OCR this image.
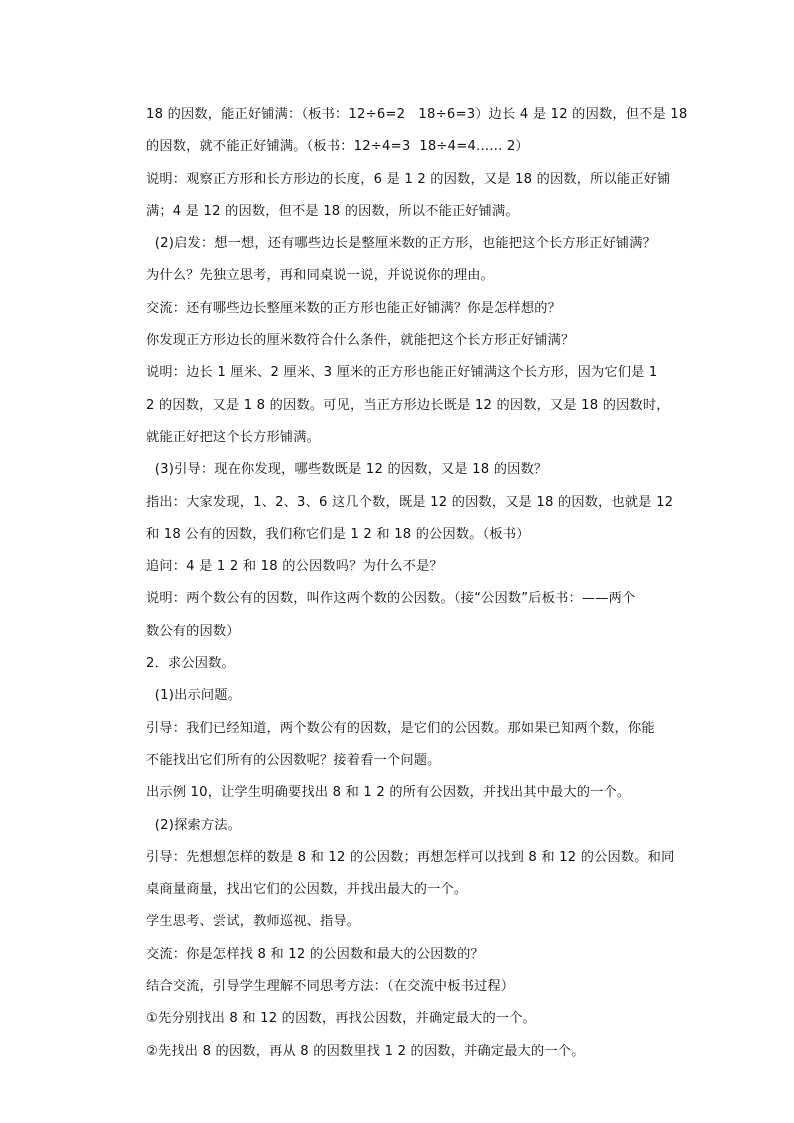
18 的因数，能正好铺满：（板书：12÷6=2   18÷6=3）边长 4 是 12 的因数，但不是 18
的因数，就不能正好铺满。（板书：12÷4=3  18÷4=4...... 2）
说明：观察正方形和长方形边的长度，6 是 1 2 的因数，又是 18 的因数，所以能正好铺
满；4 是 12 的因数，但不是 18 的因数，所以不能正好铺满。
(2)启发：想一想，还有哪些边长是整厘米数的正方形，也能把这个长方形正好铺满？
为什么？先独立思考，再和同桌说一说，并说说你的理由。
交流：还有哪些边长整厘米数的正方形也能正好铺满？你是怎样想的？
你发现正方形边长的厘米数符合什么条件，就能把这个长方形正好铺满？
说明：边长 1 厘米、2 厘米、3 厘米的正方形也能正好铺满这个长方形，因为它们是 1
2 的因数，又是 1 8 的因数。可见，当正方形边长既是 12 的因数，又是 18 的因数时，
就能正好把这个长方形铺满。
(3)引导：现在你发现，哪些数既是 12 的因数，又是 18 的因数？
指出：大家发现，1、2、3、6 这几个数，既是 12 的因数，又是 18 的因数，也就是 12
和 18 公有的因数，我们称它们是 1 2 和 18 的公因数。（板书）
追问：4 是 1 2 和 18 的公因数吗？为什么不是？
说明：两个数公有的因数，叫作这两个数的公因数。（接“公因数”后板书：——两个
数公有的因数）
2．求公因数。
(1)出示问题。
引导：我们已经知道，两个数公有的因数，是它们的公因数。那如果已知两个数，你能
不能找出它们所有的公因数呢？接着看一个问题。
出示例 10，让学生明确要找出 8 和 1 2 的所有公因数，并找出其中最大的一个。
(2)探索方法。
引导：先想想怎样的数是 8 和 12 的公因数；再想怎样可以找到 8 和 12 的公因数。和同
桌商量商量，找出它们的公因数，并找出最大的一个。
学生思考、尝试，教师巡视、指导。
交流：你是怎样找 8 和 12 的公因数和最大的公因数的？
结合交流，引导学生理解不同思考方法：（在交流中板书过程）
①先分别找出 8 和 12 的因数，再找公因数，并确定最大的一个。
②先找出 8 的因数，再从 8 的因数里找 1 2 的因数，并确定最大的一个。
